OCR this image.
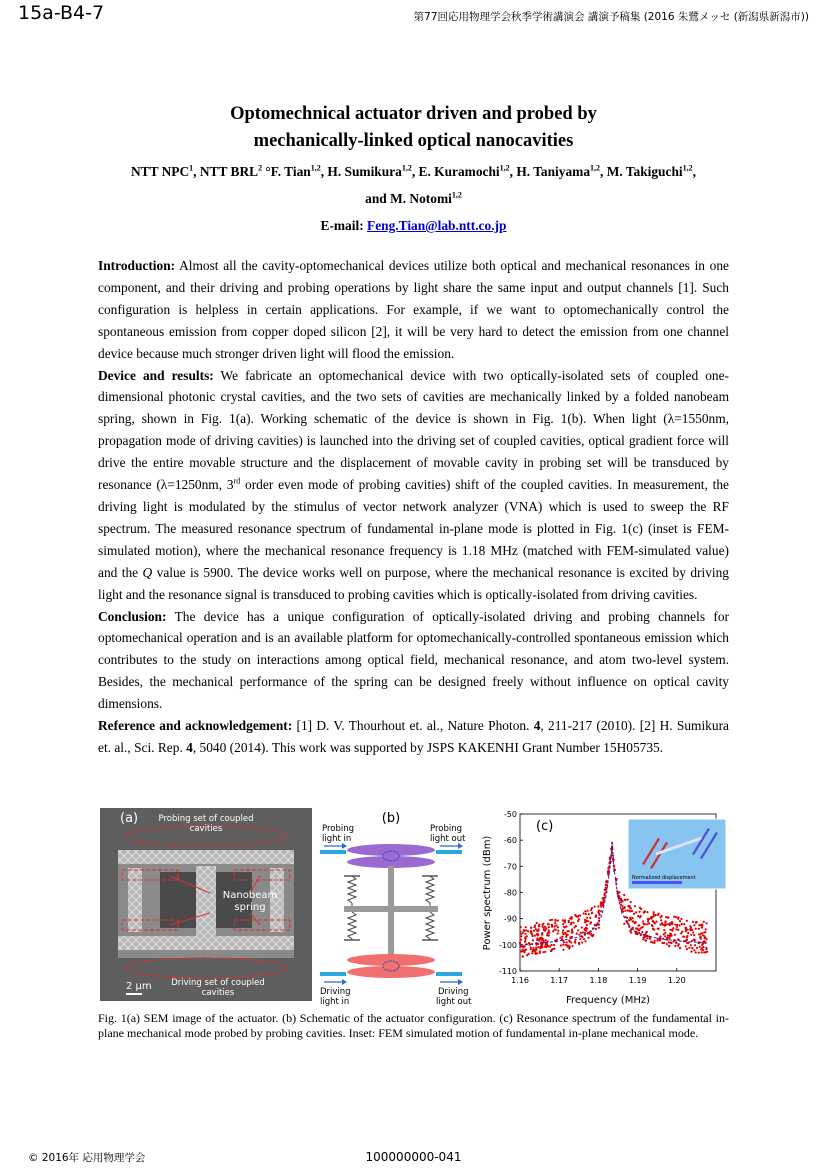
15a-B4-7	第77回応用物理学会秋季学術講演会 講演予稿集 (2016 朱鷺メッセ (新潟県新潟市))
Optomechnical actuator driven and probed by
mechanically-linked optical nanocavities
NTT NPC$^1$, NTT BRL$^2$ °F. Tian$^{1,2}$, H. Sumikura$^{1,2}$, E. Kuramochi$^{1,2}$, H. Taniyama$^{1,2}$, M. Takiguchi$^{1,2}$,
and M. Notomi$^{1,2}$
E-mail: Feng.Tian@lab.ntt.co.jp

Introduction: Almost all the cavity-optomechanical devices utilize both optical and mechanical resonances in one component, and their driving and probing operations by light share the same input and output channels [1]. Such configuration is helpless in certain applications. For example, if we want to optomechanically control the spontaneous emission from copper doped silicon [2], it will be very hard to detect the emission from one channel device because much stronger driven light will flood the emission.

Device and results: We fabricate an optomechanical device with two optically-isolated sets of coupled one-dimensional photonic crystal cavities, and the two sets of cavities are mechanically linked by a folded nanobeam spring, shown in Fig. 1(a). Working schematic of the device is shown in Fig. 1(b). When light (λ=1550nm, propagation mode of driving cavities) is launched into the driving set of coupled cavities, optical gradient force will drive the entire movable structure and the displacement of movable cavity in probing set will be transduced by resonance (λ=1250nm, 3rd order even mode of probing cavities) shift of the coupled cavities. In measurement, the driving light is modulated by the stimulus of vector network analyzer (VNA) which is used to sweep the RF spectrum. The measured resonance spectrum of fundamental in-plane mode is plotted in Fig. 1(c) (inset is FEM-simulated motion), where the mechanical resonance frequency is 1.18 MHz (matched with FEM-simulated value) and the Q value is 5900. The device works well on purpose, where the mechanical resonance is excited by driving light and the resonance signal is transduced to probing cavities which is optically-isolated from driving cavities.

Conclusion: The device has a unique configuration of optically-isolated driving and probing channels for optomechanical operation and is an available platform for optomechanically-controlled spontaneous emission which contributes to the study on interactions among optical field, mechanical resonance, and atom two-level system. Besides, the mechanical performance of the spring can be designed freely without influence on optical cavity dimensions.

Reference and acknowledgement: [1] D. V. Thourhout et. al., Nature Photon. 4, 211-217 (2010). [2] H. Sumikura et. al., Sci. Rep. 4, 5040 (2014). This work was supported by JSPS KAKENHI Grant Number 15H05735.

(a) Probing set of coupled
cavities
Nanobeam
spring
2 µm Driving set of coupled
cavities
(b)
Probing
light in
Probing
light out
Driving
light in
Driving
light out
-50
-60
-70
-80
-90
-100
-110
1.16	1.17	1.18	1.19	1.20
(c)
Normalized displacement
Frequency (MHz)
Power spectrum (dBm)
Fig. 1(a) SEM image of the actuator. (b) Schematic of the actuator configuration. (c) Resonance spectrum of the fundamental in-plane mechanical mode probed by probing cavities. Inset: FEM simulated motion of fundamental in-plane mechanical mode.
© 2016年 応用物理学会	100000000-041
